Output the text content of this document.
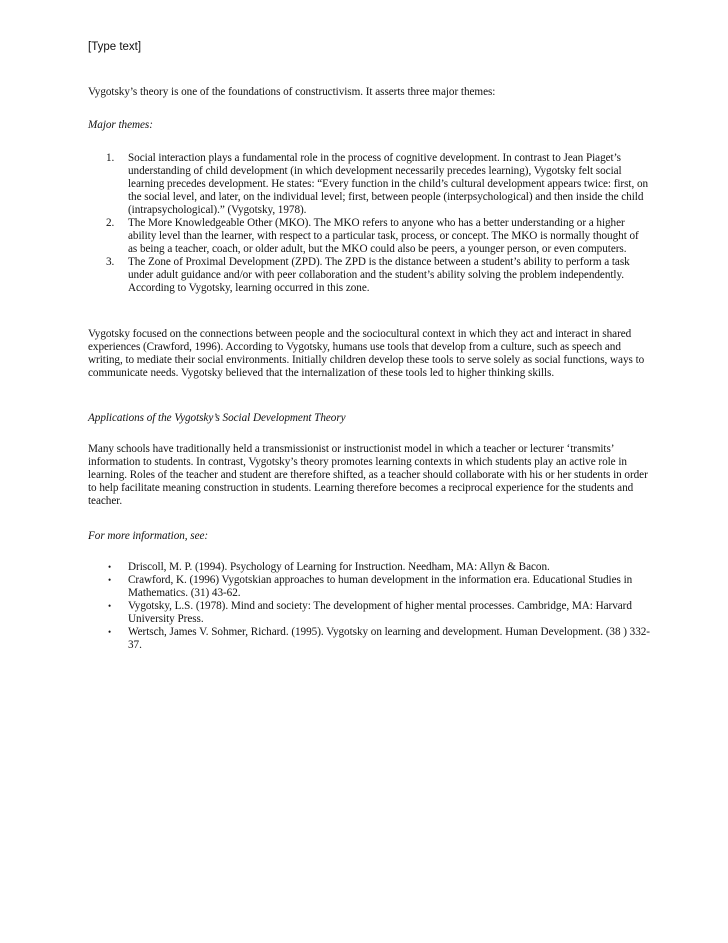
[Type text]

Vygotsky’s theory is one of the foundations of constructivism. It asserts three major themes:

Major themes:

1. Social interaction plays a fundamental role in the process of cognitive development. In contrast to Jean Piaget’s understanding of child development (in which development necessarily precedes learning), Vygotsky felt social learning precedes development. He states: “Every function in the child’s cultural development appears twice: first, on the social level, and later, on the individual level; first, between people (interpsychological) and then inside the child (intrapsychological).” (Vygotsky, 1978).
2. The More Knowledgeable Other (MKO). The MKO refers to anyone who has a better understanding or a higher ability level than the learner, with respect to a particular task, process, or concept. The MKO is normally thought of as being a teacher, coach, or older adult, but the MKO could also be peers, a younger person, or even computers.
3. The Zone of Proximal Development (ZPD). The ZPD is the distance between a student’s ability to perform a task under adult guidance and/or with peer collaboration and the student’s ability solving the problem independently. According to Vygotsky, learning occurred in this zone.

Vygotsky focused on the connections between people and the sociocultural context in which they act and interact in shared experiences (Crawford, 1996). According to Vygotsky, humans use tools that develop from a culture, such as speech and writing, to mediate their social environments. Initially children develop these tools to serve solely as social functions, ways to communicate needs. Vygotsky believed that the internalization of these tools led to higher thinking skills.

Applications of the Vygotsky’s Social Development Theory

Many schools have traditionally held a transmissionist or instructionist model in which a teacher or lecturer ‘transmits’ information to students. In contrast, Vygotsky’s theory promotes learning contexts in which students play an active role in learning. Roles of the teacher and student are therefore shifted, as a teacher should collaborate with his or her students in order to help facilitate meaning construction in students. Learning therefore becomes a reciprocal experience for the students and teacher.

For more information, see:

• Driscoll, M. P. (1994). Psychology of Learning for Instruction. Needham, MA: Allyn & Bacon.
• Crawford, K. (1996) Vygotskian approaches to human development in the information era. Educational Studies in Mathematics. (31) 43-62.
• Vygotsky, L.S. (1978). Mind and society: The development of higher mental processes. Cambridge, MA: Harvard University Press.
• Wertsch, James V. Sohmer, Richard. (1995). Vygotsky on learning and development. Human Development. (38 ) 332-37.
